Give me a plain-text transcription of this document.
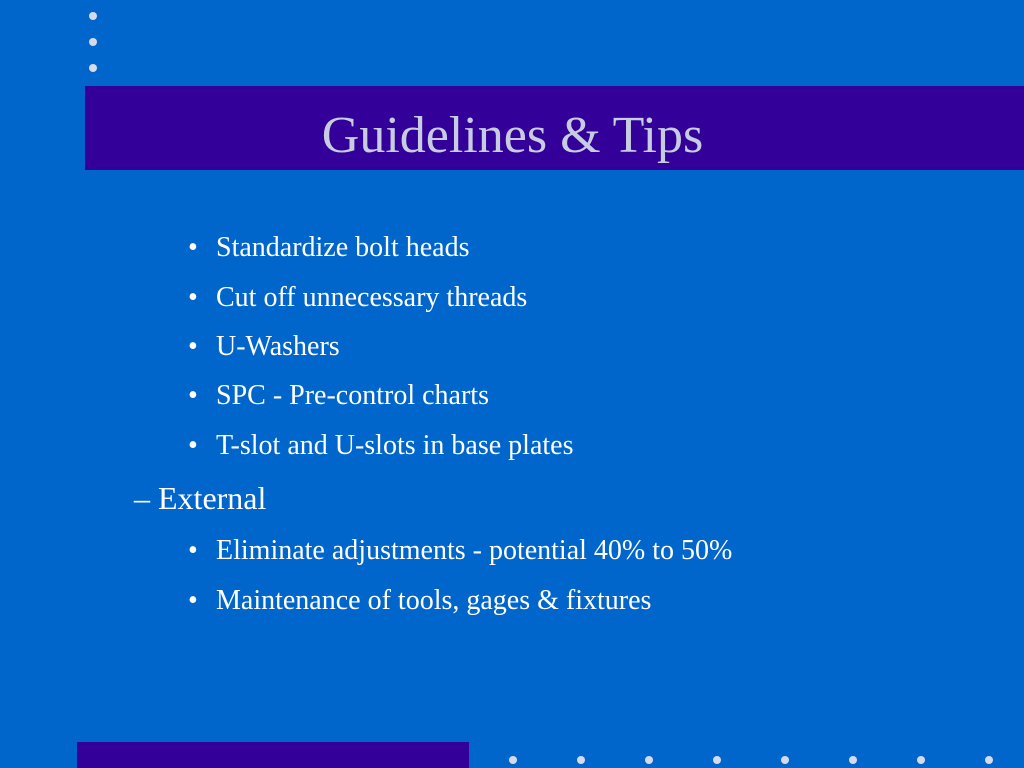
Guidelines & Tips
• Standardize bolt heads
• Cut off unnecessary threads
• U-Washers
• SPC - Pre-control charts
• T-slot and U-slots in base plates
– External
• Eliminate adjustments - potential 40% to 50%
• Maintenance of tools, gages & fixtures
